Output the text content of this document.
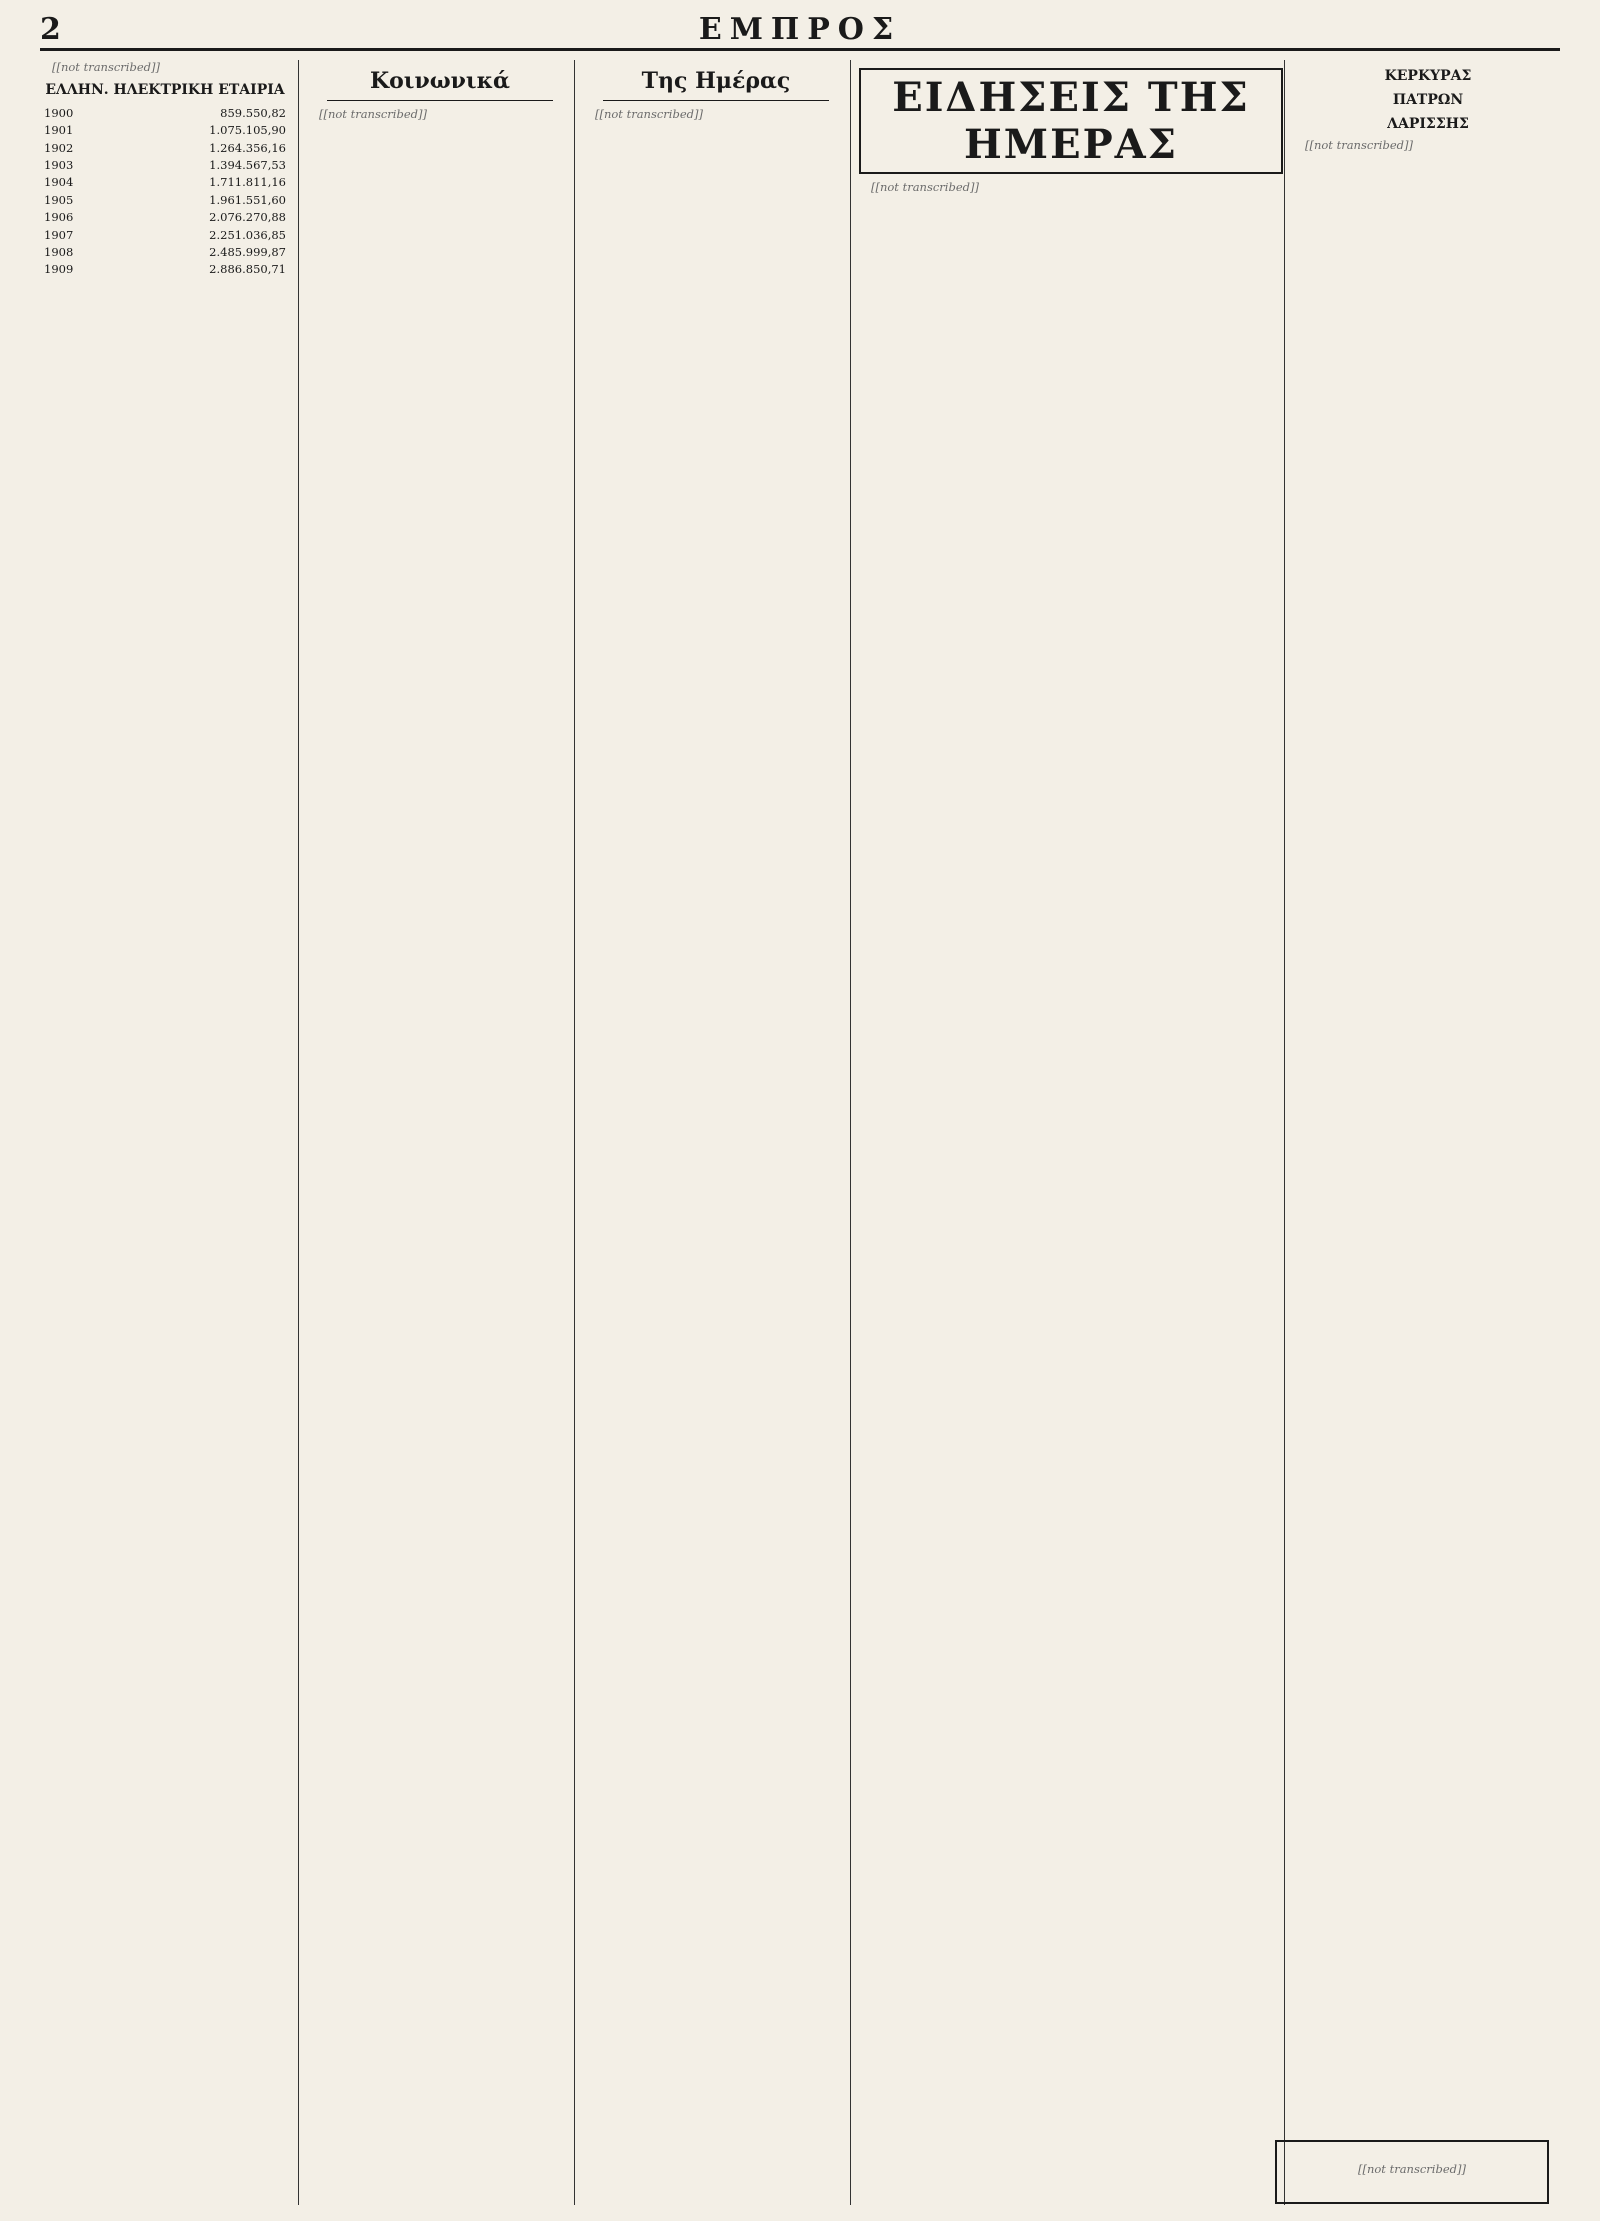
2	ΕΜΠΡΟΣ

[[not transcribed]]

ΕΛΛΗΝ. ΗΛΕΚΤΡΙΚΗ ΕΤΑΙΡΙΑ
1900	859.550,82
1901	1.075.105,90
1902	1.264.356,16
1903	1.394.567,53
1904	1.711.811,16
1905	1.961.551,60
1906	2.076.270,88
1907	2.251.036,85
1908	2.485.999,87
1909	2.886.850,71
Κοινωνικά

[[not transcribed]]

Της Ημέρας

[[not transcribed]]	ΕΙΔΗΣΕΙΣ ΤΗΣ ΗΜΕΡΑΣ

[[not transcribed]]

ΚΕΡΚΥΡΑΣ
ΠΑΤΡΩΝ
ΛΑΡΙΣΣΗΣ

[[not transcribed]]

[[not transcribed]]
